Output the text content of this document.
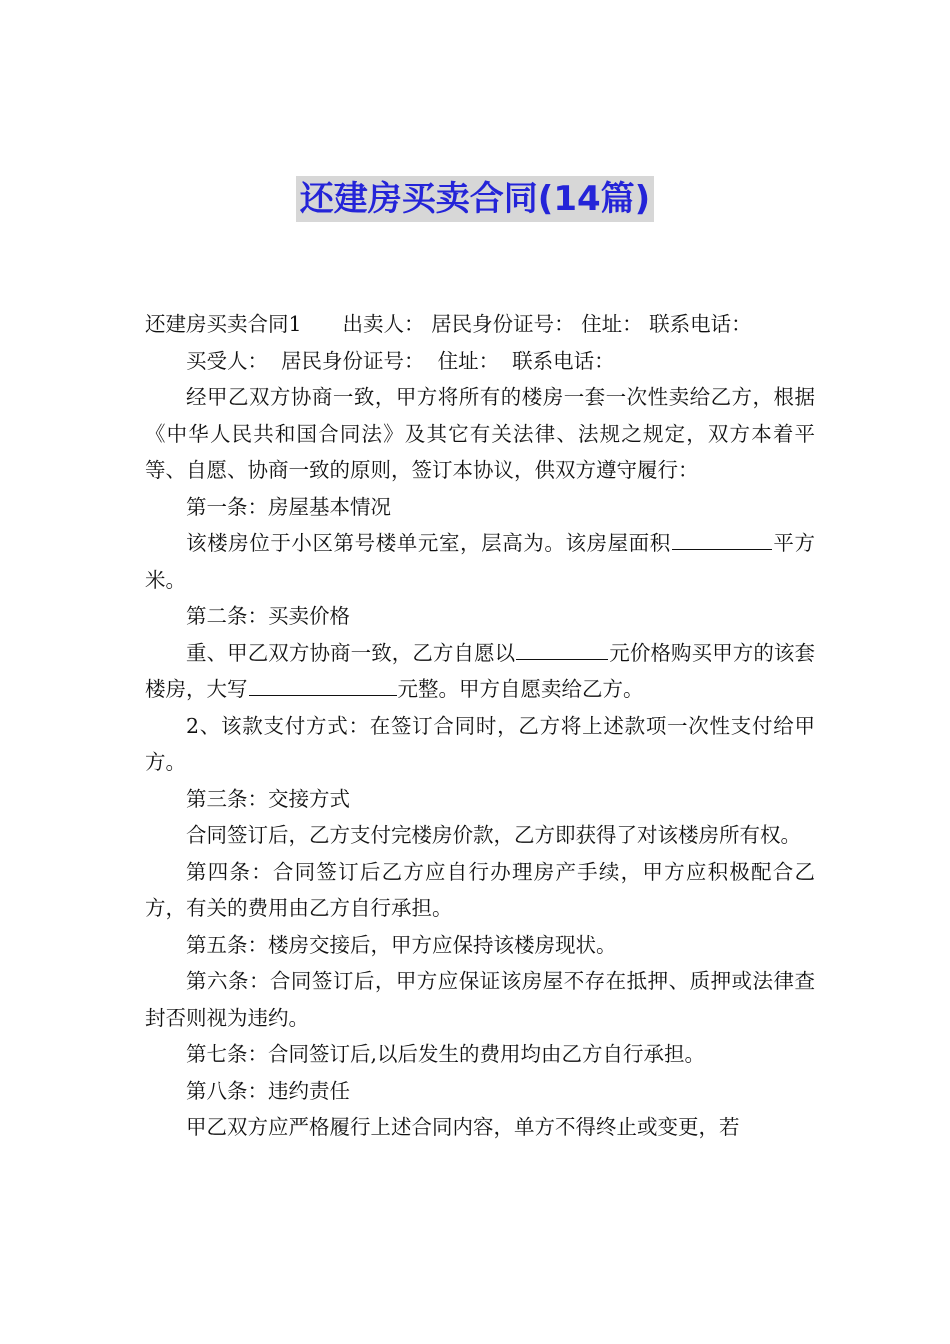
还建房买卖合同(14篇)

还建房买卖合同1 出卖人： 居民身份证号： 住址： 联系电话：

买受人：  居民身份证号：  住址：  联系电话：

经甲乙双方协商一致，甲方将所有的楼房一套一次性卖给乙方，根据《中华人民共和国合同法》及其它有关法律、法规之规定，双方本着平等、自愿、协商一致的原则，签订本协议，供双方遵守履行：

第一条：房屋基本情况

该楼房位于小区第号楼单元室，层高为。该房屋面积	平方米。

第二条：买卖价格

重、甲乙双方协商一致，乙方自愿以	元价格购买甲方的该套楼房，大写	元整。甲方自愿卖给乙方。

2、该款支付方式：在签订合同时，乙方将上述款项一次性支付给甲方。

第三条：交接方式

合同签订后，乙方支付完楼房价款，乙方即获得了对该楼房所有权。

第四条：合同签订后乙方应自行办理房产手续，甲方应积极配合乙方，有关的费用由乙方自行承担。

第五条：楼房交接后，甲方应保持该楼房现状。

第六条：合同签订后，甲方应保证该房屋不存在抵押、质押或法律查封否则视为违约。

第七条：合同签订后,以后发生的费用均由乙方自行承担。

第八条：违约责任

甲乙双方应严格履行上述合同内容，单方不得终止或变更，若
